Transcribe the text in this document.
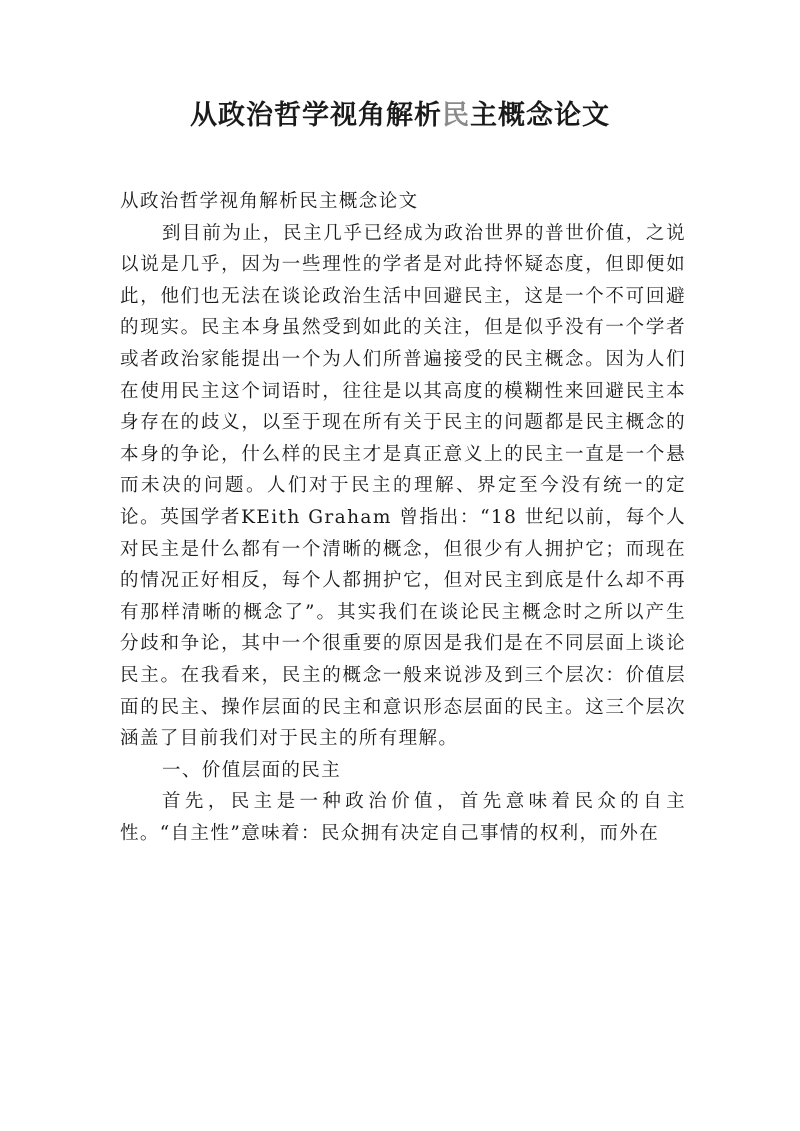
从政治哲学视角解析民主概念论文

从政治哲学视角解析民主概念论文

到目前为止，民主几乎已经成为政治世界的普世价值，之说以说是几乎，因为一些理性的学者是对此持怀疑态度，但即便如此，他们也无法在谈论政治生活中回避民主，这是一个不可回避的现实。民主本身虽然受到如此的关注，但是似乎没有一个学者或者政治家能提出一个为人们所普遍接受的民主概念。因为人们在使用民主这个词语时，往往是以其高度的模糊性来回避民主本身存在的歧义，以至于现在所有关于民主的问题都是民主概念的本身的争论，什么样的民主才是真正意义上的民主一直是一个悬而未决的问题。人们对于民主的理解、界定至今没有统一的定论。英国学者KEith Graham 曾指出：“18 世纪以前，每个人对民主是什么都有一个清晰的概念，但很少有人拥护它；而现在的情况正好相反，每个人都拥护它，但对民主到底是什么却不再有那样清晰的概念了”。其实我们在谈论民主概念时之所以产生分歧和争论，其中一个很重要的原因是我们是在不同层面上谈论民主。在我看来，民主的概念一般来说涉及到三个层次：价值层面的民主、操作层面的民主和意识形态层面的民主。这三个层次涵盖了目前我们对于民主的所有理解。

一、价值层面的民主

首先，民主是一种政治价值，首先意味着民众的自主性。“自主性”意味着：民众拥有决定自己事情的权利，而外在
